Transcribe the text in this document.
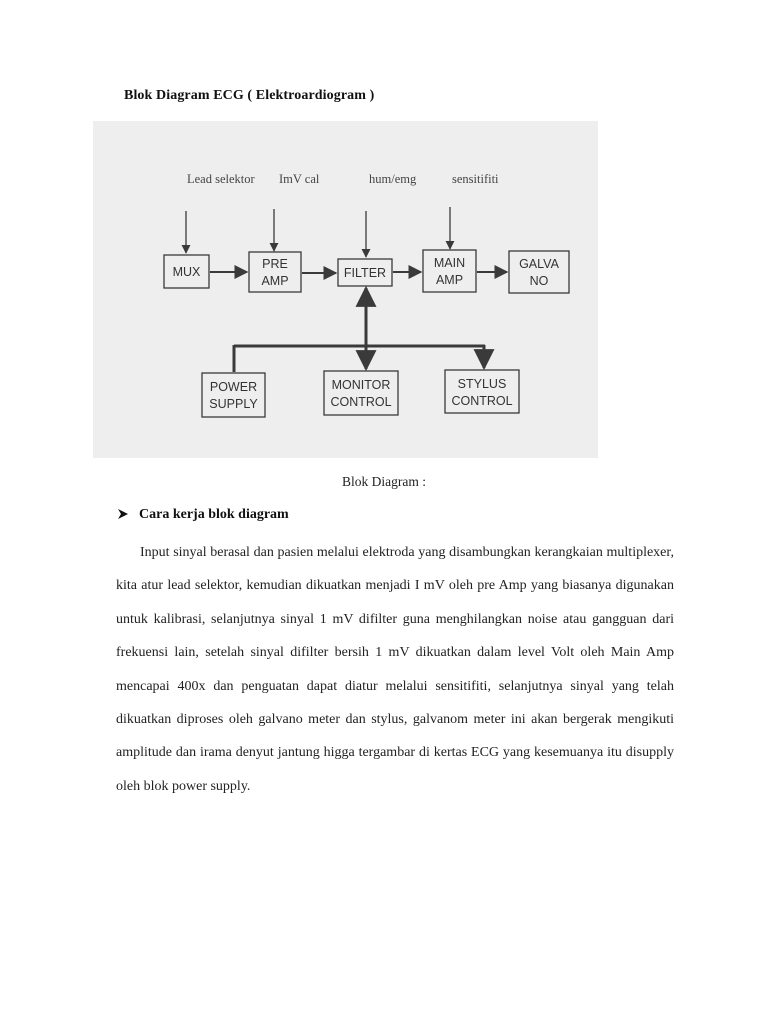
Blok Diagram ECG ( Elektroardiogram )
Lead selektor ImV cal	hum/emg	sensitifiti
MUX
PRE
AMP
FILTER
MAIN
AMP
GALVA
NO
POWER
SUPPLY
MONITOR
CONTROL
STYLUS
CONTROL
Blok Diagram :
Cara kerja blok diagram

Input sinyal berasal dan pasien melalui elektroda yang disambungkan kerangkaian multiplexer, kita atur lead selektor, kemudian dikuatkan menjadi I mV oleh pre Amp yang biasanya digunakan untuk kalibrasi, selanjutnya sinyal 1 mV difilter guna menghilangkan noise atau gangguan dari frekuensi lain, setelah sinyal difilter bersih 1 mV dikuatkan dalam level Volt oleh Main Amp mencapai 400x dan penguatan dapat diatur melalui sensitifiti, selanjutnya sinyal yang telah dikuatkan diproses oleh galvano meter dan stylus, galvanom meter ini akan bergerak mengikuti amplitude dan irama denyut jantung higga tergambar di kertas ECG yang kesemuanya itu disupply oleh blok power supply.
